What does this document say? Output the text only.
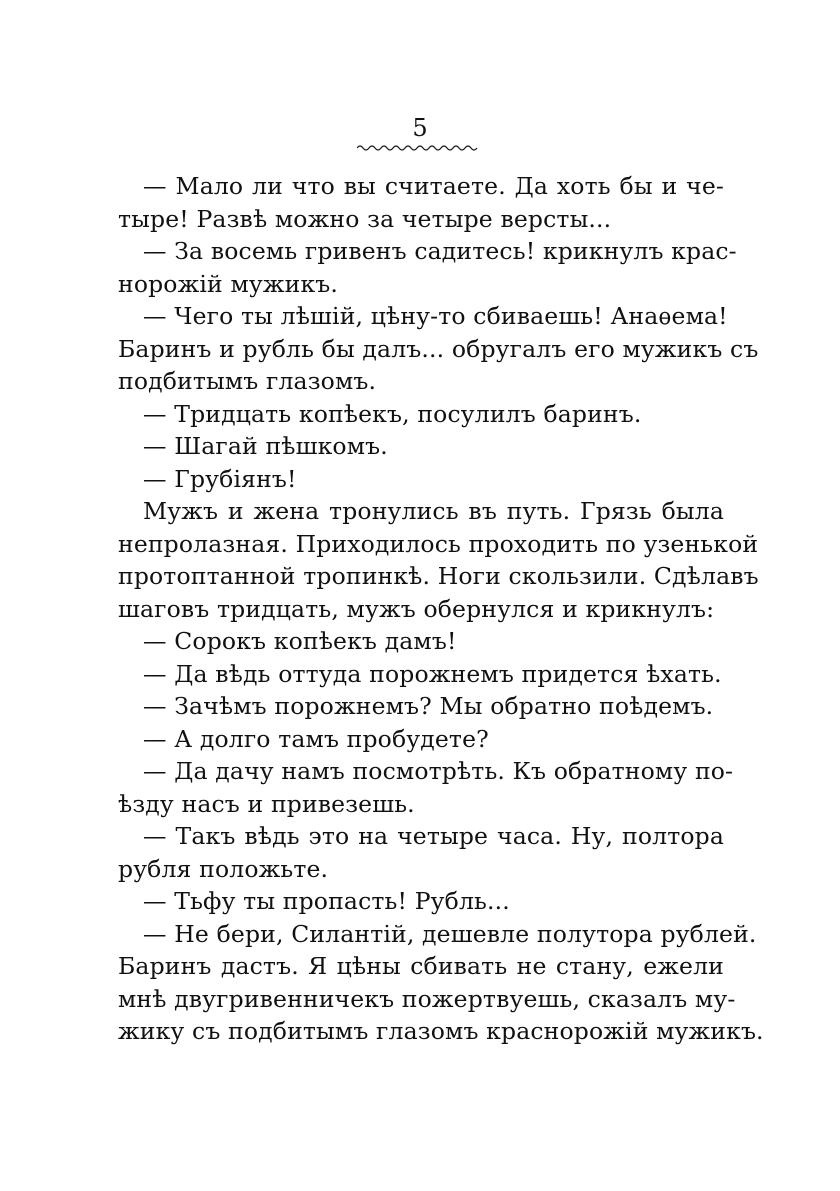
5
— Мало ли что вы считаете. Да хоть бы и че-
тыре! Развѣ можно за четыре версты...
— За восемь гривенъ садитесь! крикнулъ крас-
норожiй мужикъ.
— Чего ты лѣшiй, цѣну-то сбиваешь! Анаѳема!
Баринъ и рубль бы далъ... обругалъ его мужикъ съ
подбитымъ глазомъ.
— Тридцать копѣекъ, посулилъ баринъ.
— Шагай пѣшкомъ.
— Грубiянъ!
Мужъ и жена тронулись въ путь. Грязь была
непролазная. Приходилось проходить по узенькой
протоптанной тропинкѣ. Ноги скользили. Сдѣлавъ
шаговъ тридцать, мужъ обернулся и крикнулъ:
— Сорокъ копѣекъ дамъ!
— Да вѣдь оттуда порожнемъ придется ѣхать.
— Зачѣмъ порожнемъ? Мы обратно поѣдемъ.
— А долго тамъ пробудете?
— Да дачу намъ посмотрѣть. Къ обратному по-
ѣзду насъ и привезешь.
— Такъ вѣдь это на четыре часа. Ну, полтора
рубля положьте.
— Тьфу ты пропасть! Рубль...
— Не бери, Силантiй, дешевле полутора рублей.
Баринъ дастъ. Я цѣны сбивать не стану, ежели
мнѣ двугривенничекъ пожертвуешь, сказалъ му-
жику съ подбитымъ глазомъ краснорожiй мужикъ.
